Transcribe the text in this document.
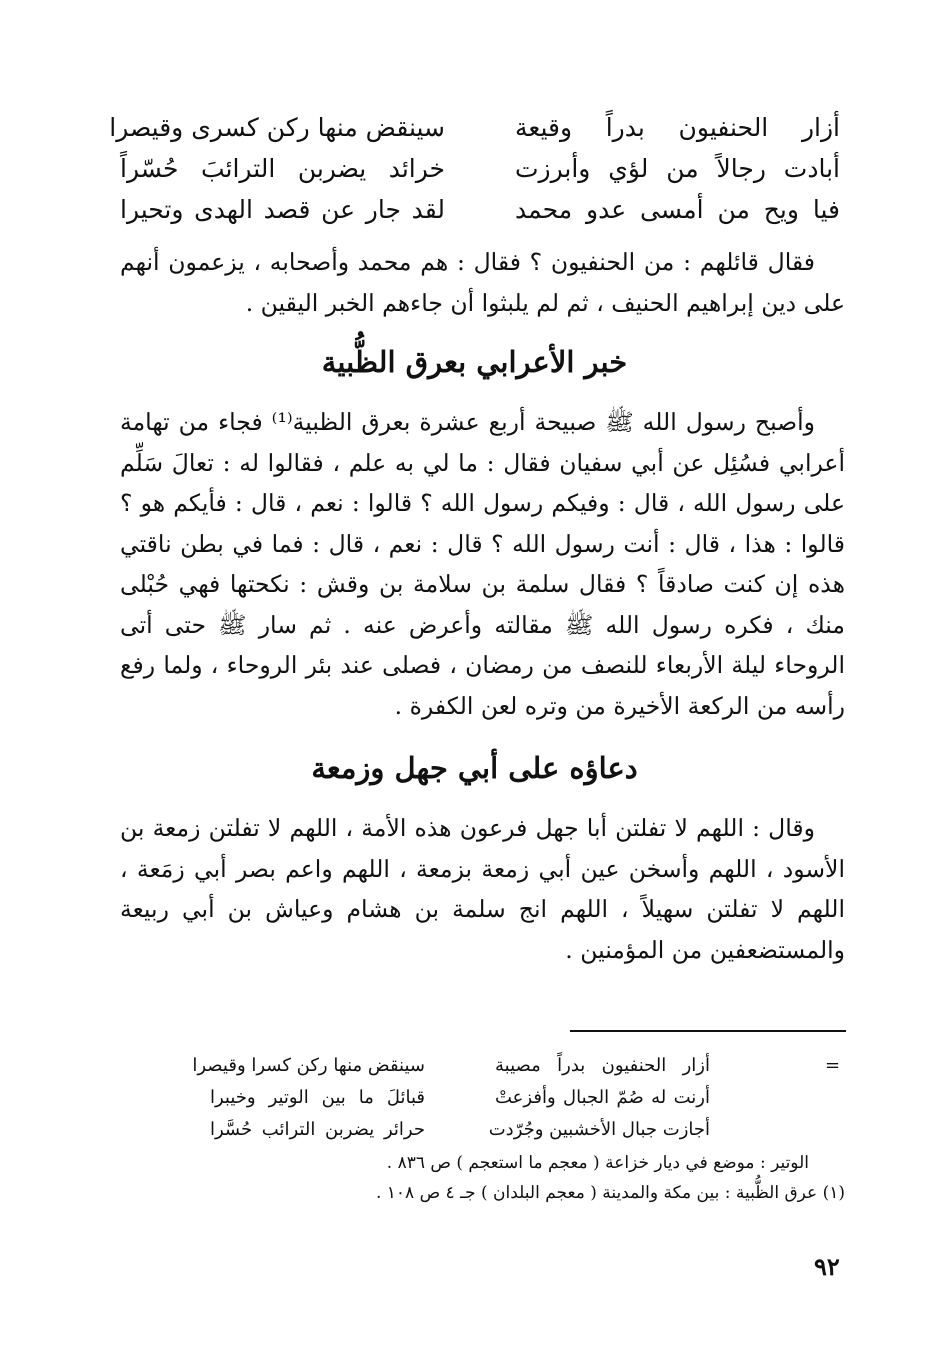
أزار الحنفيون بدراً وقيعة
سينقض منها ركن كسرى وقيصرا
أبادت رجالاً من لؤي وأبرزت
خرائد يضربن الترائبَ حُسّراً
فيا ويح من أمسى عدو محمد
لقد جار عن قصد الهدى وتحيرا
فقال قائلهم : من الحنفيون ؟ فقال : هم محمد وأصحابه ، يزعمون أنهم على دين إبراهيم الحنيف ، ثم لم يلبثوا أن جاءهم الخبر اليقين .
خبر الأعرابي بعرق الظُّبية
وأصبح رسول الله ﷺ صبيحة أربع عشرة بعرق الظبية⁽¹⁾ فجاء من تهامة أعرابي فسُئِل عن أبي سفيان فقال : ما لي به علم ، فقالوا له : تعالَ سَلِّم على رسول الله ، قال : وفيكم رسول الله ؟ قالوا : نعم ، قال : فأيكم هو ؟ قالوا : هذا ، قال : أنت رسول الله ؟ قال : نعم ، قال : فما في بطن ناقتي هذه إن كنت صادقاً ؟ فقال سلمة بن سلامة بن وقش : نكحتها فهي حُبْلى منك ، فكره رسول الله ﷺ مقالته وأعرض عنه . ثم سار ﷺ حتى أتى الروحاء ليلة الأربعاء للنصف من رمضان ، فصلى عند بئر الروحاء ، ولما رفع رأسه من الركعة الأخيرة من وتره لعن الكفرة .
دعاؤه على أبي جهل وزمعة
وقال : اللهم لا تفلتن أبا جهل فرعون هذه الأمة ، اللهم لا تفلتن زمعة بن الأسود ، اللهم وأسخن عين أبي زمعة بزمعة ، اللهم واعم بصر أبي زمَعة ، اللهم لا تفلتن سهيلاً ، اللهم انج سلمة بن هشام وعياش بن أبي ربيعة والمستضعفين من المؤمنين .
=
أزار الحنفيون بدراً مصيبة
سينقض منها ركن كسرا وقيصرا
أرنت له صُمّ الجبال وأفزعتْ
قبائلَ ما بين الوتير وخيبرا
أجازت جبال الأخشبين وجُرّدت
حرائر يضربن الترائب حُسَّرا
الوتير : موضع في ديار خزاعة ( معجم ما استعجم ) ص ٨٣٦ .
(١) عرق الظُّبية : بين مكة والمدينة ( معجم البلدان ) جـ ٤ ص ١٠٨ .
٩٢
